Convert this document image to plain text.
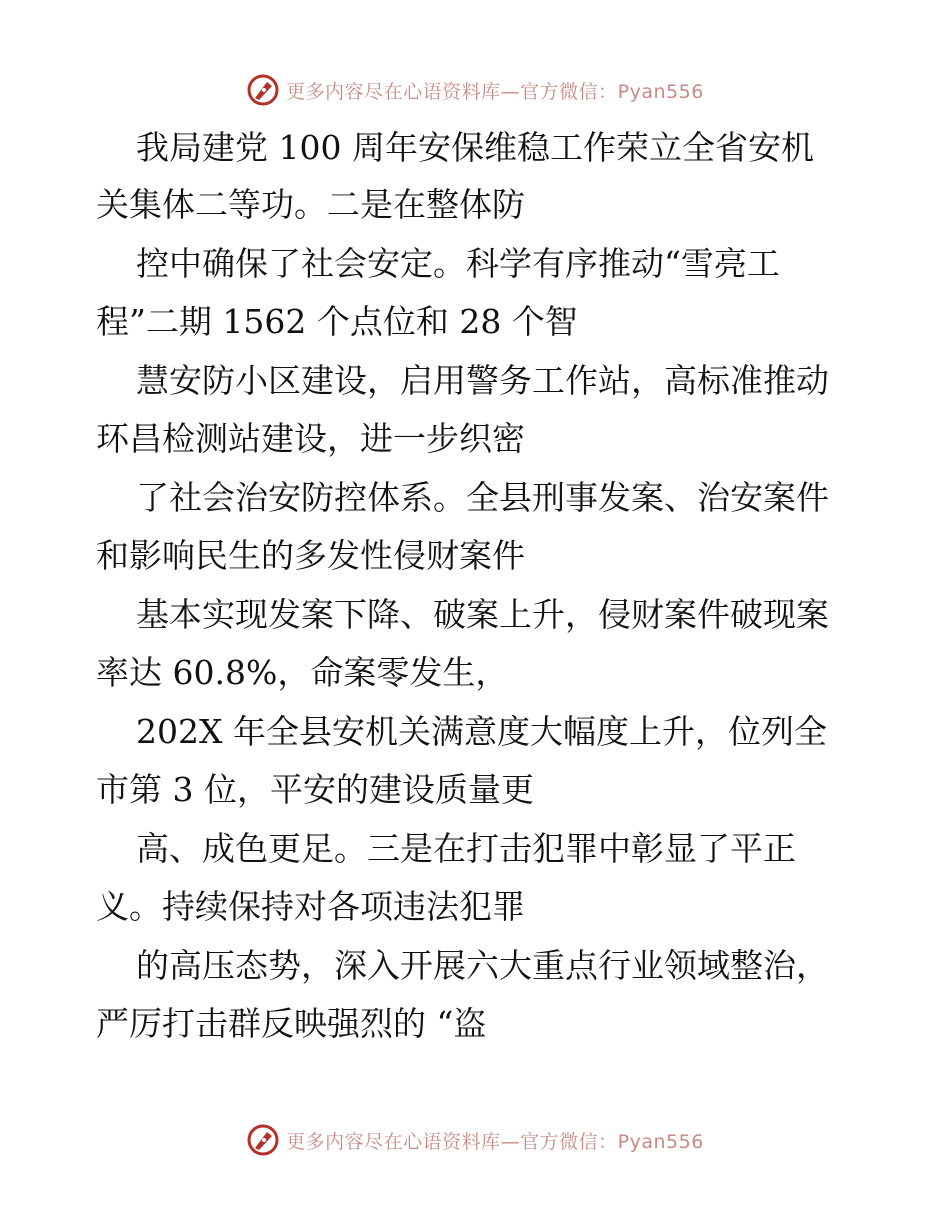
更多内容尽在心语资料库—官方微信：Pyan556
我局建党 100 周年安保维稳工作荣立全省安机
关集体二等功。二是在整体防
控中确保了社会安定。科学有序推动“雪亮工
程”二期 1562 个点位和 28 个智
慧安防小区建设，启用警务工作站，高标准推动
环昌检测站建设，进一步织密
了社会治安防控体系。全县刑事发案、治安案件
和影响民生的多发性侵财案件
基本实现发案下降、破案上升，侵财案件破现案
率达 60.8%，命案零发生，
202X 年全县安机关满意度大幅度上升，位列全
市第 3 位，平安的建设质量更
高、成色更足。三是在打击犯罪中彰显了平正
义。持续保持对各项违法犯罪
的高压态势，深入开展六大重点行业领域整治，
严厉打击群反映强烈的 “盗
更多内容尽在心语资料库—官方微信：Pyan556
